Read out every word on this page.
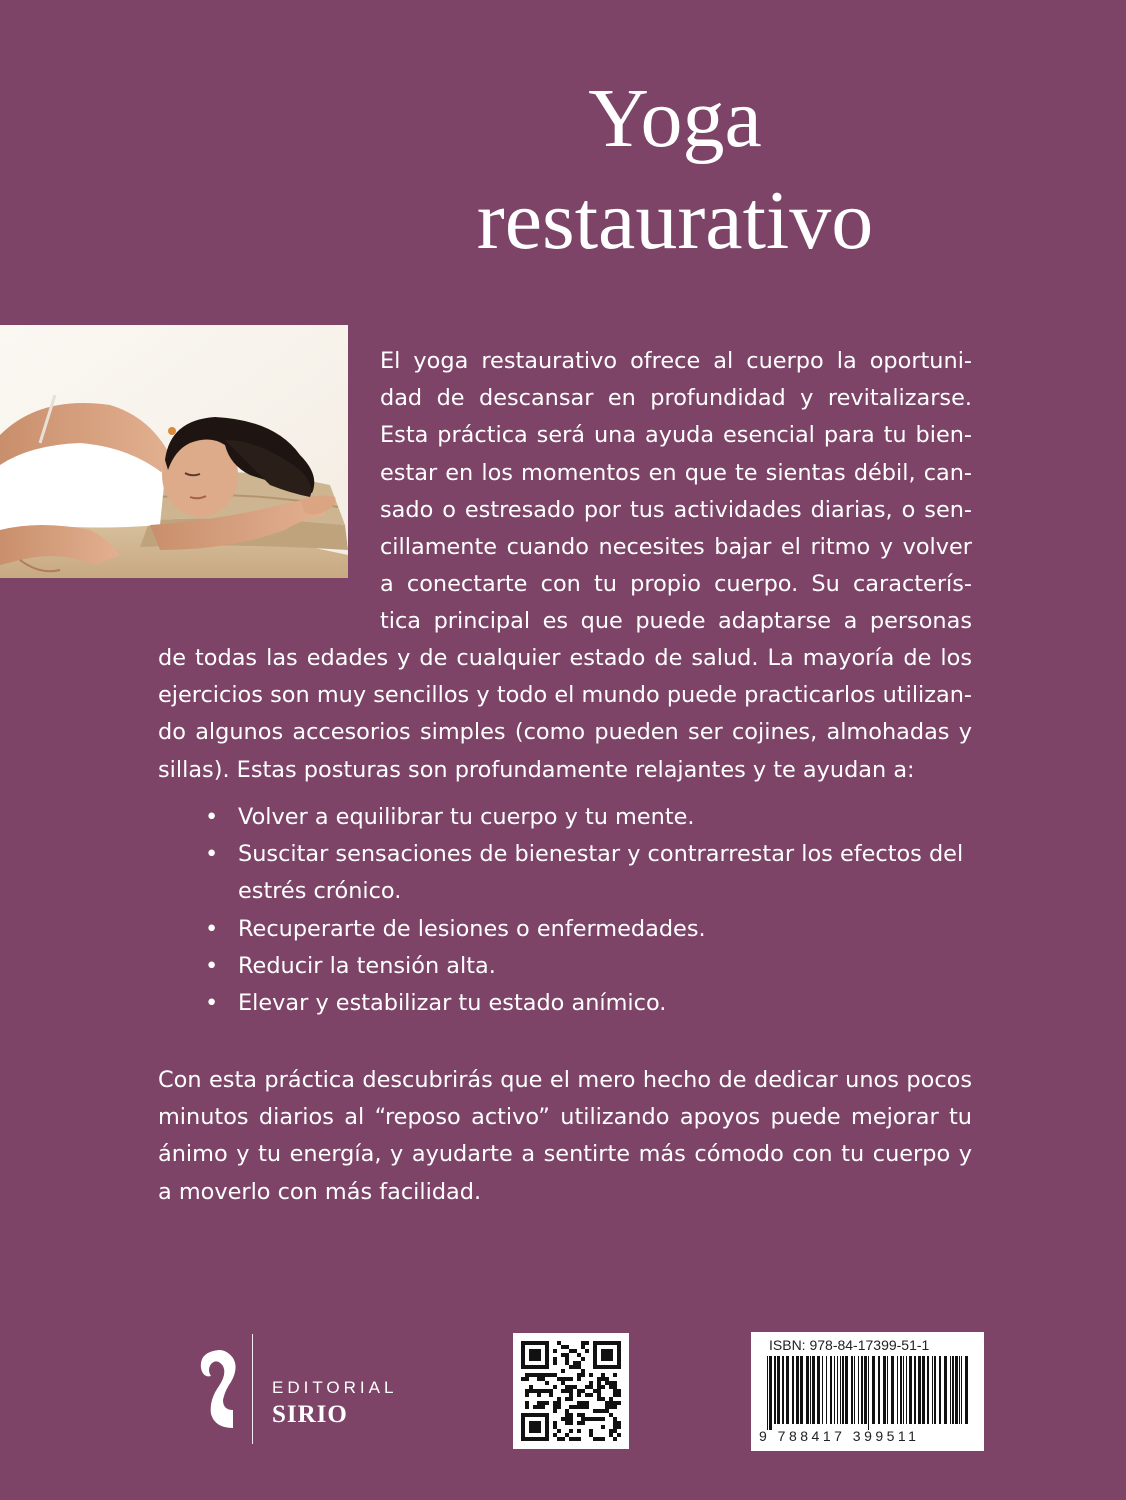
Yoga
restaurativo
El yoga restaurativo ofrece al cuerpo la oportuni-
dad de descansar en profundidad y revitalizarse.
Esta práctica será una ayuda esencial para tu bien-
estar en los momentos en que te sientas débil, can-
sado o estresado por tus actividades diarias, o sen-
cillamente cuando necesites bajar el ritmo y volver
a conectarte con tu propio cuerpo. Su caracterís-
tica principal es que puede adaptarse a personas
de todas las edades y de cualquier estado de salud. La mayoría de los
ejercicios son muy sencillos y todo el mundo puede practicarlos utilizan-
do algunos accesorios simples (como pueden ser cojines, almohadas y
sillas). Estas posturas son profundamente relajantes y te ayudan a:
• Volver a equilibrar tu cuerpo y tu mente.
• Suscitar sensaciones de bienestar y contrarrestar los efectos del
estrés crónico.
• Recuperarte de lesiones o enfermedades.
• Reducir la tensión alta.
• Elevar y estabilizar tu estado anímico.
Con esta práctica descubrirás que el mero hecho de dedicar unos pocos
minutos diarios al “reposo activo” utilizando apoyos puede mejorar tu
ánimo y tu energía, y ayudarte a sentirte más cómodo con tu cuerpo y
a moverlo con más facilidad.
EDITORIAL
SIRIO
ISBN: 978-84-17399-51-1
9 788417 399511
